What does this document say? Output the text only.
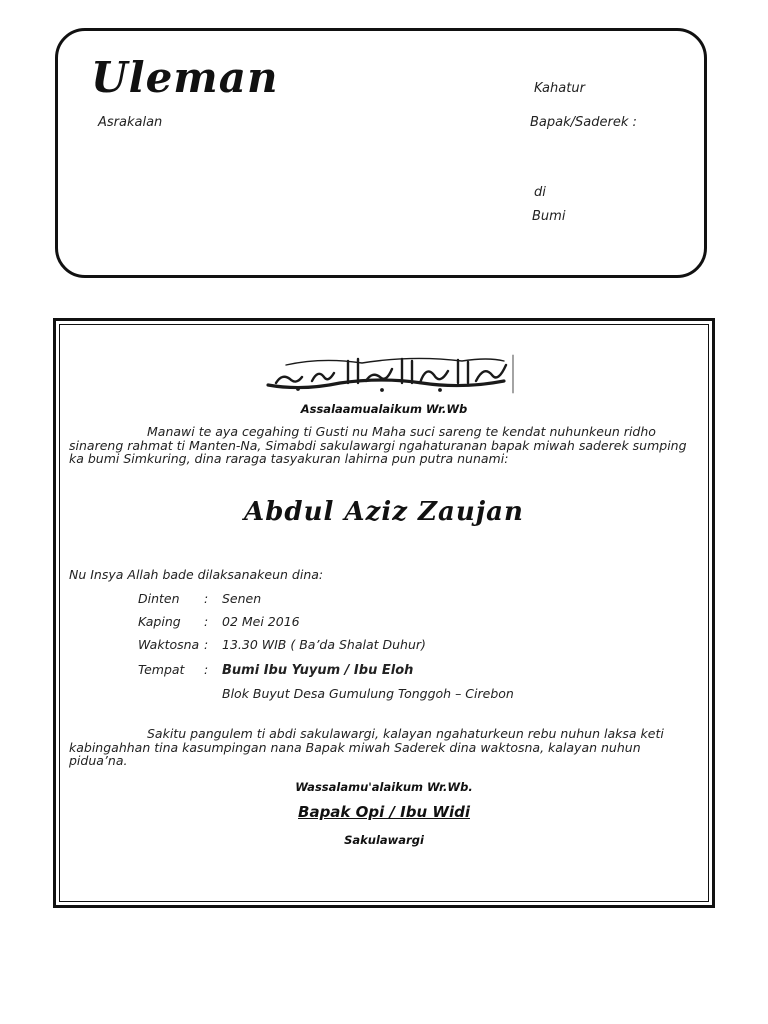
Uleman
Asrakalan
Kahatur
Bapak/Saderek :
di
Bumi
Assalaamualaikum Wr.Wb
Manawi te aya cegahing ti Gusti nu Maha suci sareng te kendat nuhunkeun ridho sinareng rahmat ti Manten-Na, Simabdi sakulawargi ngahaturanan bapak miwah saderek sumping ka bumi Simkuring, dina raraga tasyakuran lahirna pun putra nunami:
Abdul Aziz Zaujan
Nu Insya Allah bade dilaksanakeun dina:
Dinten : Senen
Kaping : 02 Mei 2016
Waktosna : 13.30 WIB ( Ba’da Shalat Duhur)
Tempat : Bumi Ibu Yuyum / Ibu Eloh
Blok Buyut Desa Gumulung Tonggoh – Cirebon
Sakitu pangulem ti abdi sakulawargi, kalayan ngahaturkeun rebu nuhun laksa keti kabingahhan tina kasumpingan nana Bapak miwah Saderek dina waktosna, kalayan nuhun pidua’na.
Wassalamu'alaikum Wr.Wb.
Bapak Opi / Ibu Widi
Sakulawargi
